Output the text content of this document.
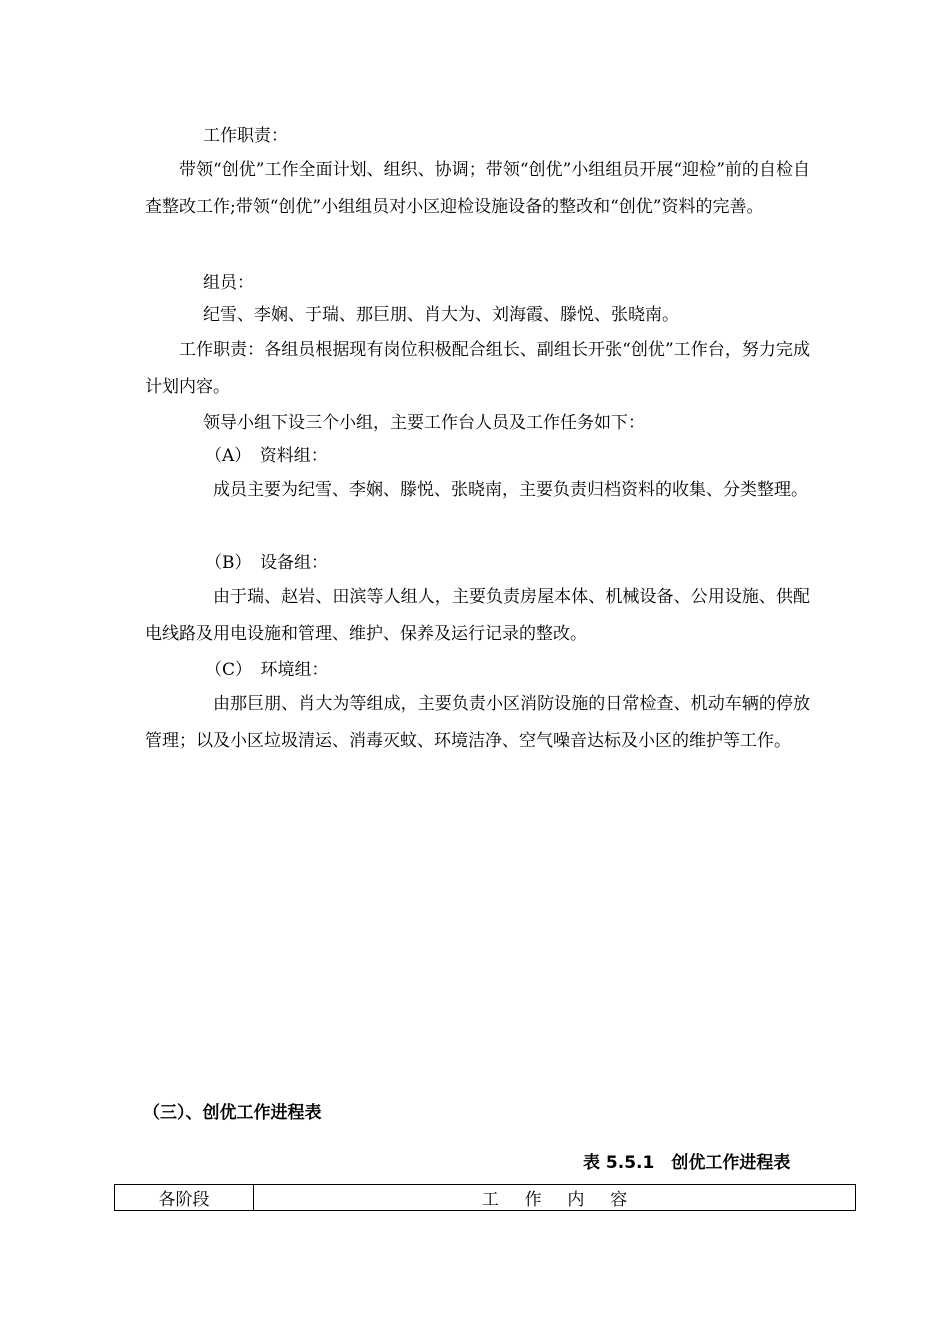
工作职责：
带领“创优”工作全面计划、组织、协调；带领“创优”小组组员开展“迎检”前的自检自查整改工作;带领“创优”小组组员对小区迎检设施设备的整改和“创优”资料的完善。
组员：
纪雪、李娴、于瑞、那巨朋、肖大为、刘海霞、滕悦、张晓南。
工作职责：各组员根据现有岗位积极配合组长、副组长开张“创优”工作台，努力完成计划内容。
领导小组下设三个小组，主要工作台人员及工作任务如下：
（A）　资料组：
成员主要为纪雪、李娴、滕悦、张晓南，主要负责归档资料的收集、分类整理。
（B）　设备组：
由于瑞、赵岩、田滨等人组人，主要负责房屋本体、机械设备、公用设施、供配电线路及用电设施和管理、维护、保养及运行记录的整改。
（C）　环境组：
由那巨朋、肖大为等组成，主要负责小区消防设施的日常检查、机动车辆的停放管理；以及小区垃圾清运、消毒灭蚊、环境洁净、空气噪音达标及小区的维护等工作。
（三）、创优工作进程表
表 5.5.1　创优工作进程表
各阶段	工 作 内 容
